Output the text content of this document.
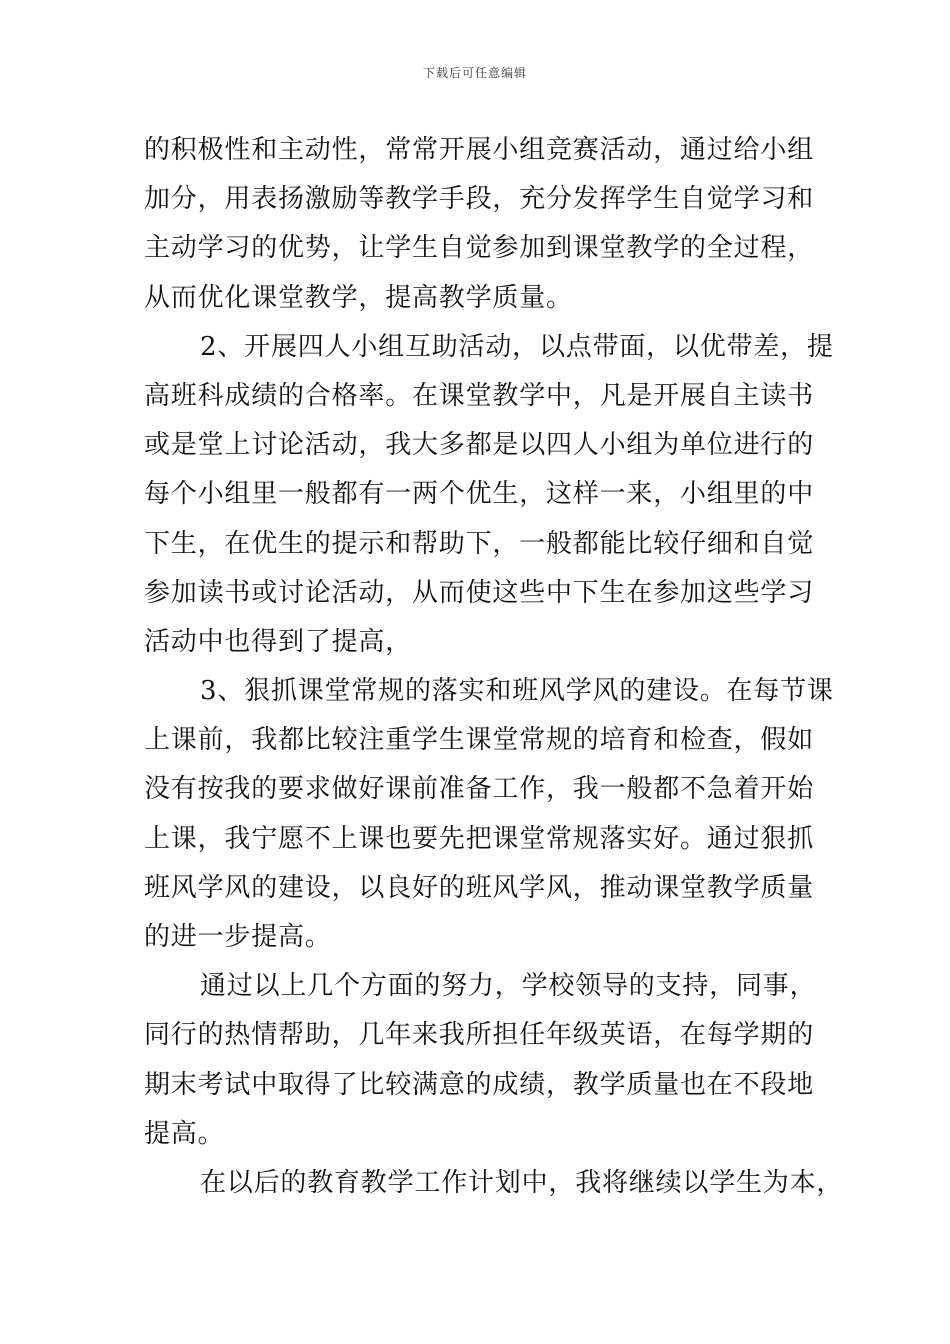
下载后可任意编辑
的积极性和主动性，常常开展小组竞赛活动，通过给小组
加分，用表扬激励等教学手段，充分发挥学生自觉学习和
主动学习的优势，让学生自觉参加到课堂教学的全过程，
从而优化课堂教学，提高教学质量。
2、开展四人小组互助活动，以点带面，以优带差，提
高班科成绩的合格率。在课堂教学中，凡是开展自主读书
或是堂上讨论活动，我大多都是以四人小组为单位进行的
每个小组里一般都有一两个优生，这样一来，小组里的中
下生，在优生的提示和帮助下，一般都能比较仔细和自觉
参加读书或讨论活动，从而使这些中下生在参加这些学习
活动中也得到了提高，
3、狠抓课堂常规的落实和班风学风的建设。在每节课
上课前，我都比较注重学生课堂常规的培育和检查，假如
没有按我的要求做好课前准备工作，我一般都不急着开始
上课，我宁愿不上课也要先把课堂常规落实好。通过狠抓
班风学风的建设，以良好的班风学风，推动课堂教学质量
的进一步提高。
通过以上几个方面的努力，学校领导的支持，同事，
同行的热情帮助，几年来我所担任年级英语，在每学期的
期末考试中取得了比较满意的成绩，教学质量也在不段地
提高。
在以后的教育教学工作计划中，我将继续以学生为本，
